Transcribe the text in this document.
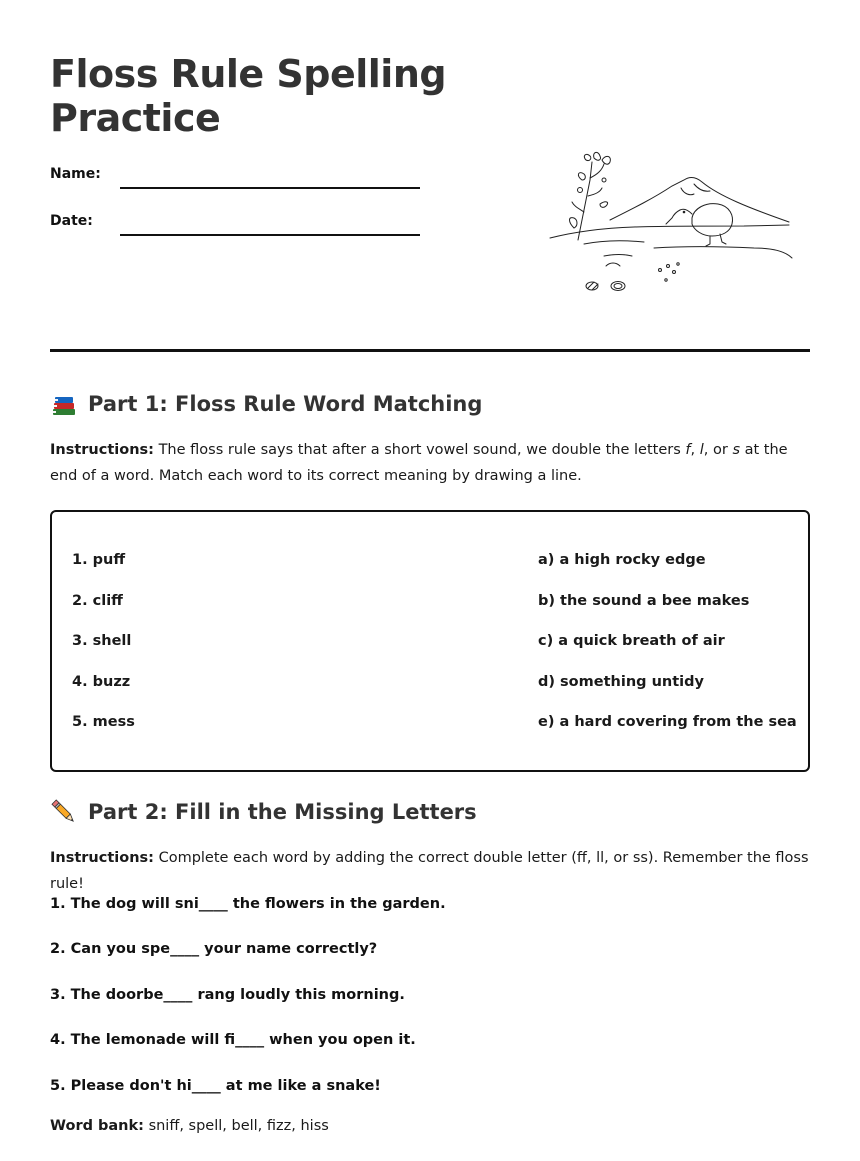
Floss Rule Spelling Practice
Name:
Date:
Part 1: Floss Rule Word Matching
Instructions: The floss rule says that after a short vowel sound, we double the letters f, l, or s at the end of a word. Match each word to its correct meaning by drawing a line.
1. puff
2. cliff
3. shell
4. buzz
5. mess
a) a high rocky edge
b) the sound a bee makes
c) a quick breath of air
d) something untidy
e) a hard covering from the sea
Part 2: Fill in the Missing Letters
Instructions: Complete each word by adding the correct double letter (ff, ll, or ss). Remember the floss rule!
1. The dog will sni____ the flowers in the garden.
2. Can you spe____ your name correctly?
3. The doorbe____ rang loudly this morning.
4. The lemonade will fi____ when you open it.
5. Please don't hi____ at me like a snake!
Word bank: sniff, spell, bell, fizz, hiss
